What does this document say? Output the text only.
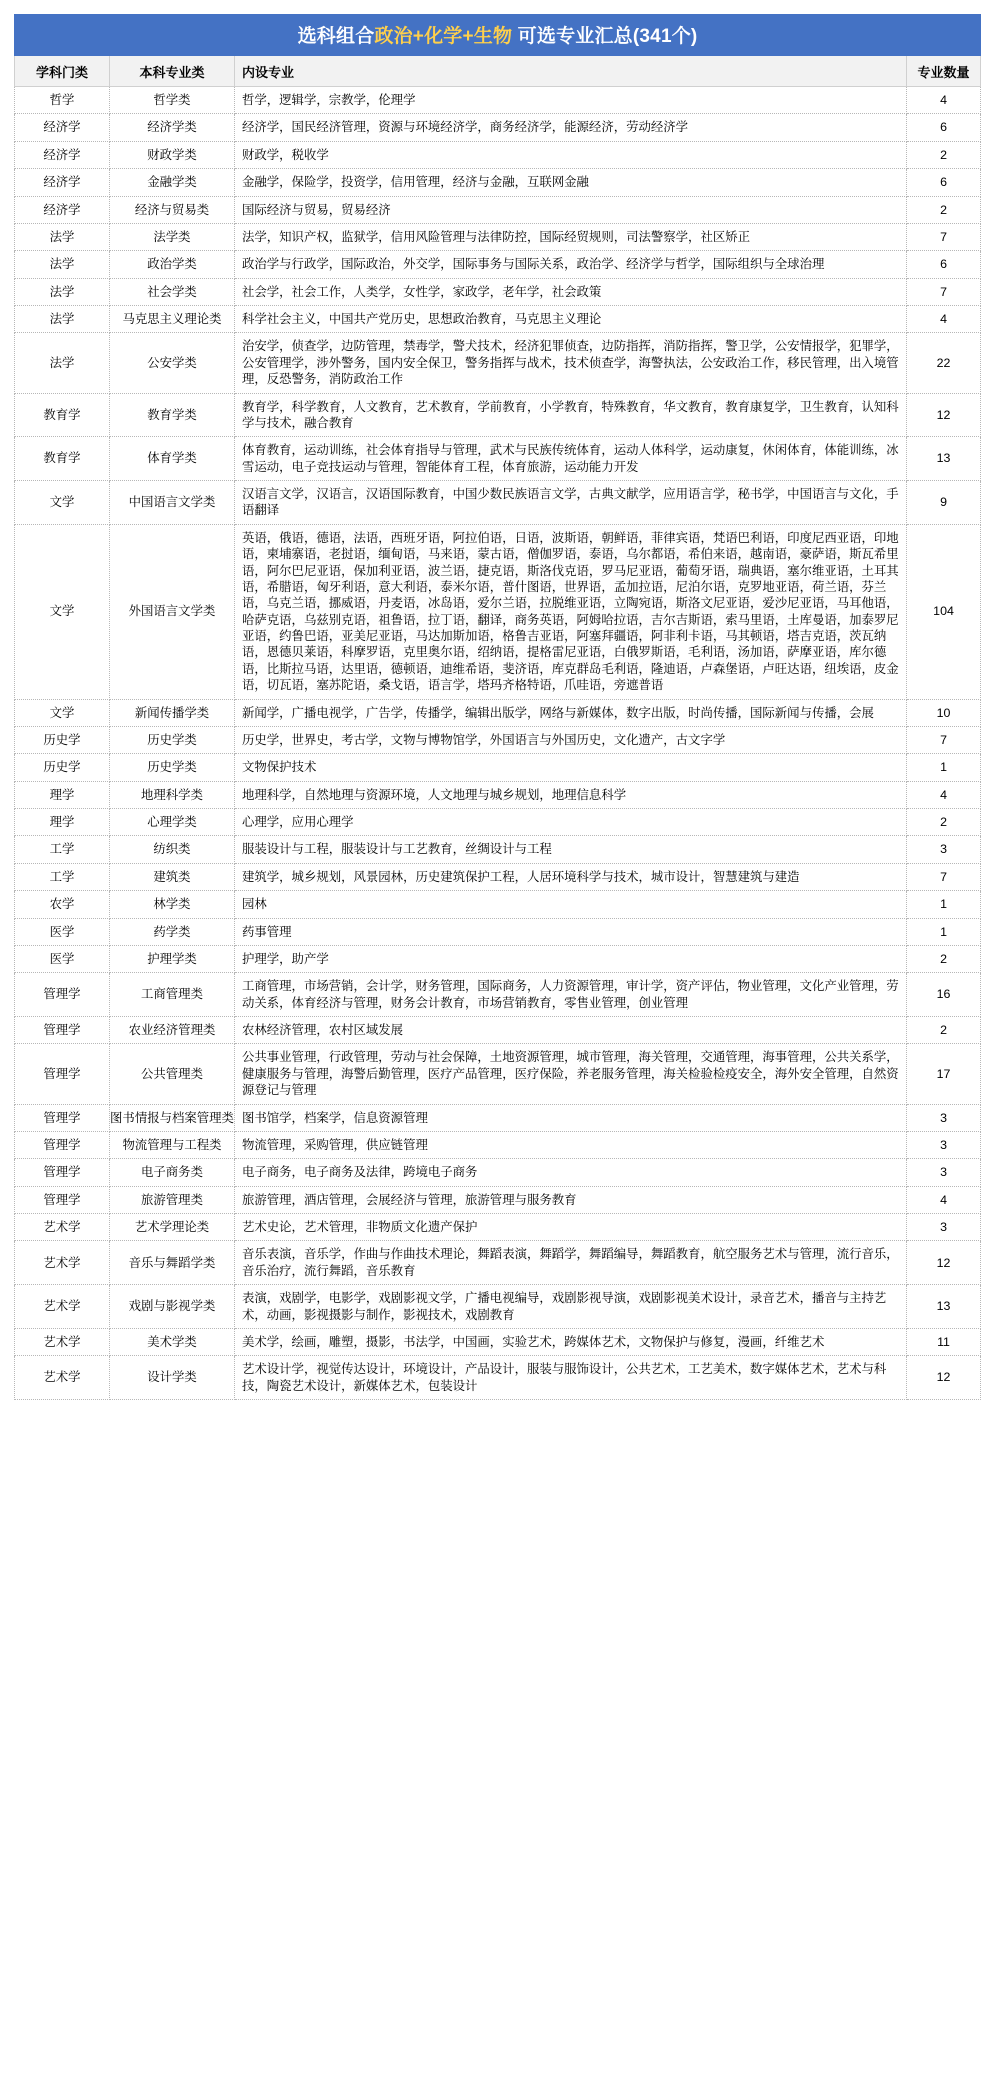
选科组合政治+化学+生物 可选专业汇总(341个)			
学科门类	本科专业类	内设专业	专业数量
哲学	哲学类	哲学，逻辑学，宗教学，伦理学	4
经济学	经济学类	经济学，国民经济管理，资源与环境经济学，商务经济学，能源经济，劳动经济学	6
经济学	财政学类	财政学，税收学	2
经济学	金融学类	金融学，保险学，投资学，信用管理，经济与金融，互联网金融	6
经济学	经济与贸易类	国际经济与贸易，贸易经济	2
法学	法学类	法学，知识产权，监狱学，信用风险管理与法律防控，国际经贸规则，司法警察学，社区矫正	7
法学	政治学类	政治学与行政学，国际政治，外交学，国际事务与国际关系，政治学、经济学与哲学，国际组织与全球治理	6
法学	社会学类	社会学，社会工作，人类学，女性学，家政学，老年学，社会政策	7
法学	马克思主义理论类	科学社会主义，中国共产党历史，思想政治教育，马克思主义理论	4
法学	公安学类	治安学，侦查学，边防管理，禁毒学，警犬技术，经济犯罪侦查，边防指挥，消防指挥，警卫学，公安情报学，犯罪学，公安管理学，涉外警务，国内安全保卫，警务指挥与战术，技术侦查学，海警执法，公安政治工作，移民管理，出入境管理，反恐警务，消防政治工作	22
教育学	教育学类	教育学，科学教育，人文教育，艺术教育，学前教育，小学教育，特殊教育，华文教育，教育康复学，卫生教育，认知科学与技术，融合教育	12
教育学	体育学类	体育教育，运动训练，社会体育指导与管理，武术与民族传统体育，运动人体科学，运动康复，休闲体育，体能训练，冰雪运动，电子竞技运动与管理，智能体育工程，体育旅游，运动能力开发	13
文学	中国语言文学类	汉语言文学，汉语言，汉语国际教育，中国少数民族语言文学，古典文献学，应用语言学，秘书学，中国语言与文化，手语翻译	9
文学	外国语言文学类	英语，俄语，德语，法语，西班牙语，阿拉伯语，日语，波斯语，朝鲜语，菲律宾语，梵语巴利语，印度尼西亚语，印地语，柬埔寨语，老挝语，缅甸语，马来语，蒙古语，僧伽罗语，泰语，乌尔都语，希伯来语，越南语，豪萨语，斯瓦希里语，阿尔巴尼亚语，保加利亚语，波兰语，捷克语，斯洛伐克语，罗马尼亚语，葡萄牙语，瑞典语，塞尔维亚语，土耳其语，希腊语，匈牙利语，意大利语，泰米尔语，普什图语，世界语，孟加拉语，尼泊尔语，克罗地亚语，荷兰语，芬兰语，乌克兰语，挪威语，丹麦语，冰岛语，爱尔兰语，拉脱维亚语，立陶宛语，斯洛文尼亚语，爱沙尼亚语，马耳他语，哈萨克语，乌兹别克语，祖鲁语，拉丁语，翻译，商务英语，阿姆哈拉语，吉尔吉斯语，索马里语，土库曼语，加泰罗尼亚语，约鲁巴语，亚美尼亚语，马达加斯加语，格鲁吉亚语，阿塞拜疆语，阿非利卡语，马其顿语，塔吉克语，茨瓦纳语，恩德贝莱语，科摩罗语，克里奥尔语，绍纳语，提格雷尼亚语，白俄罗斯语，毛利语，汤加语，萨摩亚语，库尔德语，比斯拉马语，达里语，德顿语，迪维希语，斐济语，库克群岛毛利语，隆迪语，卢森堡语，卢旺达语，纽埃语，皮金语，切瓦语，塞苏陀语，桑戈语，语言学，塔玛齐格特语，爪哇语，旁遮普语	104
文学	新闻传播学类	新闻学，广播电视学，广告学，传播学，编辑出版学，网络与新媒体，数字出版，时尚传播，国际新闻与传播，会展	10
历史学	历史学类	历史学，世界史，考古学，文物与博物馆学，外国语言与外国历史，文化遗产，古文字学	7
历史学	历史学类	文物保护技术	1
理学	地理科学类	地理科学，自然地理与资源环境，人文地理与城乡规划，地理信息科学	4
理学	心理学类	心理学，应用心理学	2
工学	纺织类	服装设计与工程，服装设计与工艺教育，丝绸设计与工程	3
工学	建筑类	建筑学，城乡规划，风景园林，历史建筑保护工程，人居环境科学与技术，城市设计，智慧建筑与建造	7
农学	林学类	园林	1
医学	药学类	药事管理	1
医学	护理学类	护理学，助产学	2
管理学	工商管理类	工商管理，市场营销，会计学，财务管理，国际商务，人力资源管理，审计学，资产评估，物业管理，文化产业管理，劳动关系，体育经济与管理，财务会计教育，市场营销教育，零售业管理，创业管理	16
管理学	农业经济管理类	农林经济管理，农村区域发展	2
管理学	公共管理类	公共事业管理，行政管理，劳动与社会保障，土地资源管理，城市管理，海关管理，交通管理，海事管理，公共关系学，健康服务与管理，海警后勤管理，医疗产品管理，医疗保险，养老服务管理，海关检验检疫安全，海外安全管理，自然资源登记与管理	17
管理学	图书情报与档案管理类	图书馆学，档案学，信息资源管理	3
管理学	物流管理与工程类	物流管理，采购管理，供应链管理	3
管理学	电子商务类	电子商务，电子商务及法律，跨境电子商务	3
管理学	旅游管理类	旅游管理，酒店管理，会展经济与管理，旅游管理与服务教育	4
艺术学	艺术学理论类	艺术史论，艺术管理，非物质文化遗产保护	3
艺术学	音乐与舞蹈学类	音乐表演，音乐学，作曲与作曲技术理论，舞蹈表演，舞蹈学，舞蹈编导，舞蹈教育，航空服务艺术与管理，流行音乐，音乐治疗，流行舞蹈，音乐教育	12
艺术学	戏剧与影视学类	表演，戏剧学，电影学，戏剧影视文学，广播电视编导，戏剧影视导演，戏剧影视美术设计，录音艺术，播音与主持艺术，动画，影视摄影与制作，影视技术，戏剧教育	13
艺术学	美术学类	美术学，绘画，雕塑，摄影，书法学，中国画，实验艺术，跨媒体艺术，文物保护与修复，漫画，纤维艺术	11
艺术学	设计学类	艺术设计学，视觉传达设计，环境设计，产品设计，服装与服饰设计，公共艺术，工艺美术，数字媒体艺术，艺术与科技，陶瓷艺术设计，新媒体艺术，包装设计	12
